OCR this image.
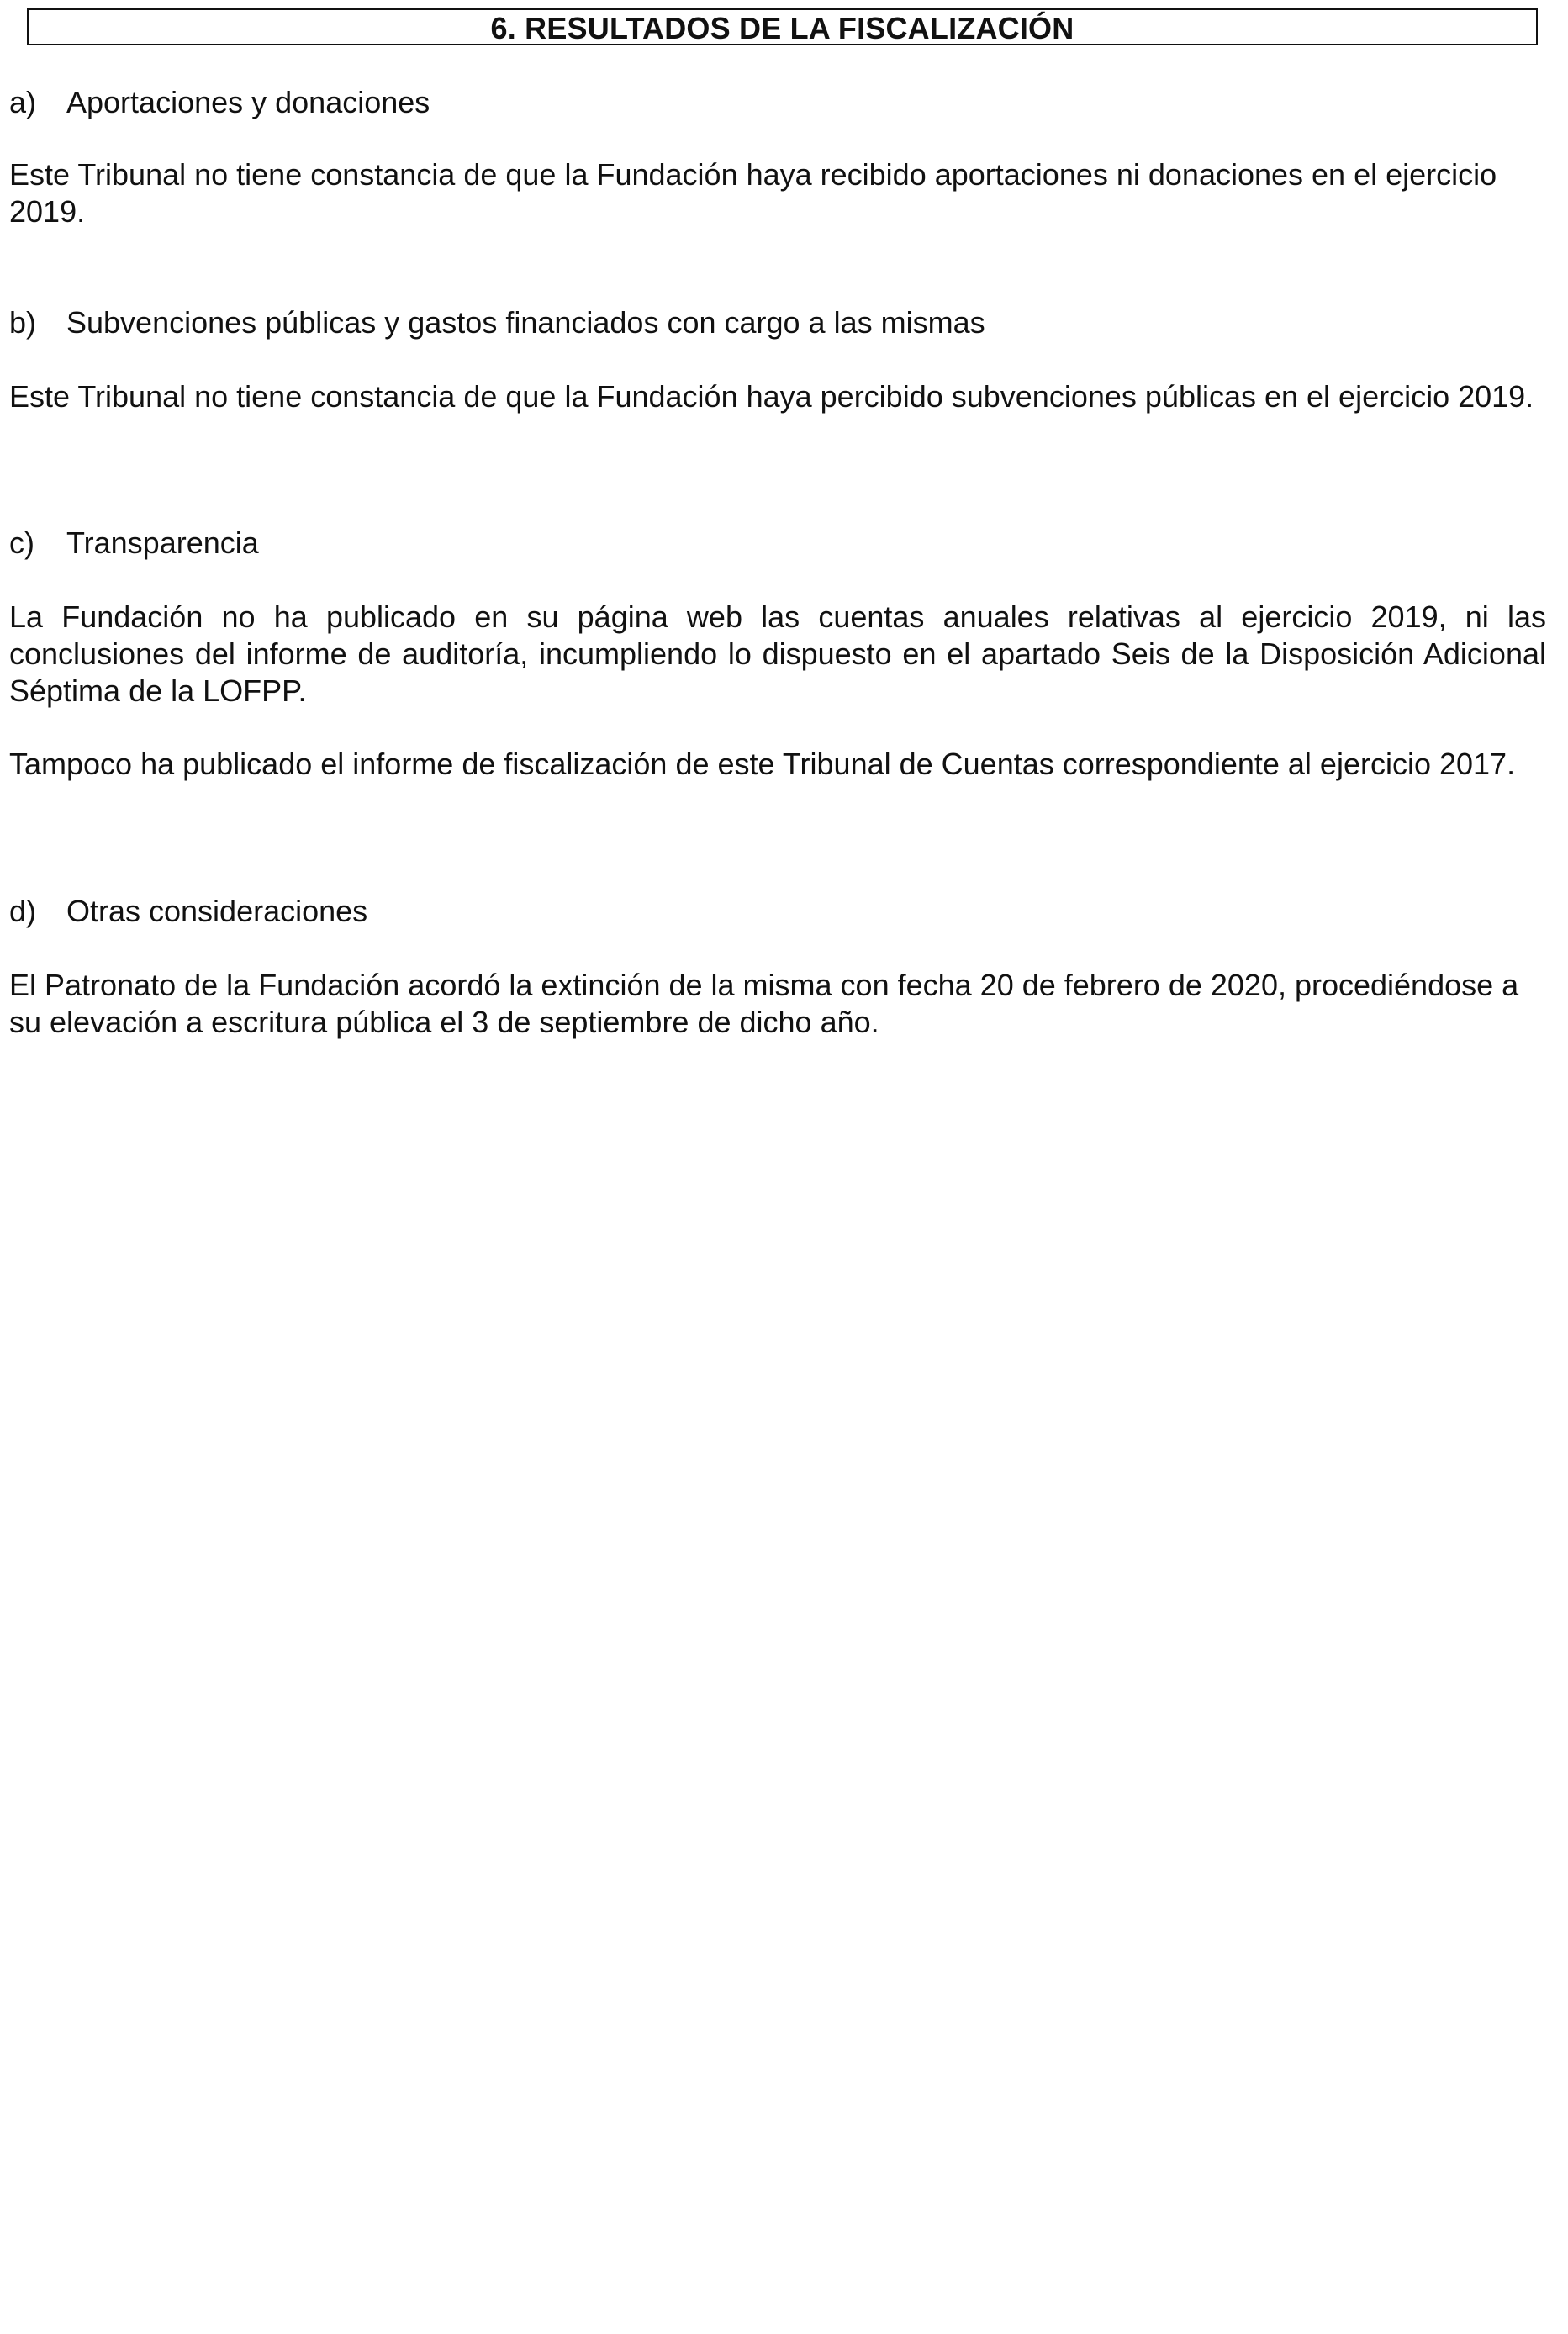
6. RESULTADOS DE LA FISCALIZACIÓN
a) Aportaciones y donaciones
Este Tribunal no tiene constancia de que la Fundación haya recibido aportaciones ni donaciones en el ejercicio 2019.
b) Subvenciones públicas y gastos financiados con cargo a las mismas
Este Tribunal no tiene constancia de que la Fundación haya percibido subvenciones públicas en el ejercicio 2019.
c) Transparencia
La Fundación no ha publicado en su página web las cuentas anuales relativas al ejercicio 2019, ni las conclusiones del informe de auditoría, incumpliendo lo dispuesto en el apartado Seis de la Disposición Adicional Séptima de la LOFPP.
Tampoco ha publicado el informe de fiscalización de este Tribunal de Cuentas correspondiente al ejercicio 2017.
d) Otras consideraciones
El Patronato de la Fundación acordó la extinción de la misma con fecha 20 de febrero de 2020, procediéndose a su elevación a escritura pública el 3 de septiembre de dicho año.
